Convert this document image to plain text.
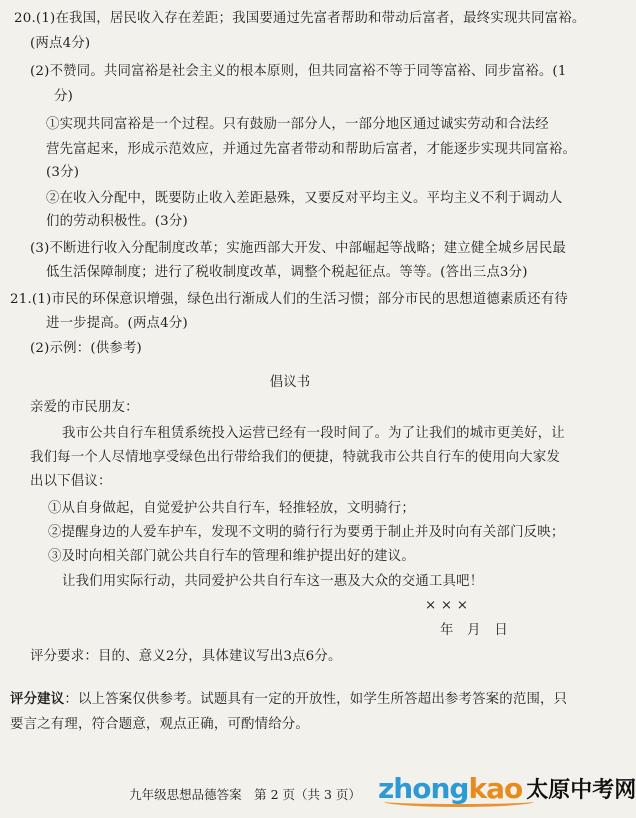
20.(1)在我国，居民收入存在差距；我国要通过先富者帮助和带动后富者，最终实现共同富裕。

(两点4分)

(2)不赞同。共同富裕是社会主义的根本原则，但共同富裕不等于同等富裕、同步富裕。(1

分)

①实现共同富裕是一个过程。只有鼓励一部分人，一部分地区通过诚实劳动和合法经

营先富起来，形成示范效应，并通过先富者带动和帮助后富者，才能逐步实现共同富裕。

(3分)

②在收入分配中，既要防止收入差距悬殊，又要反对平均主义。平均主义不利于调动人

们的劳动积极性。(3分)

(3)不断进行收入分配制度改革；实施西部大开发、中部崛起等战略；建立健全城乡居民最

低生活保障制度；进行了税收制度改革，调整个税起征点。等等。(答出三点3分)

21.(1)市民的环保意识增强，绿色出行渐成人们的生活习惯；部分市民的思想道德素质还有待

进一步提高。(两点4分)

(2)示例：(供参考)

倡议书

亲爱的市民朋友：

我市公共自行车租赁系统投入运营已经有一段时间了。为了让我们的城市更美好，让

我们每一个人尽情地享受绿色出行带给我们的便捷，特就我市公共自行车的使用向大家发

出以下倡议：

①从自身做起，自觉爱护公共自行车，轻推轻放，文明骑行；

②提醒身边的人爱车护车，发现不文明的骑行行为要勇于制止并及时向有关部门反映；

③及时向相关部门就公共自行车的管理和维护提出好的建议。

让我们用实际行动，共同爱护公共自行车这一惠及大众的交通工具吧！

× × ×

年　月　日

评分要求：目的、意义2分，具体建议写出3点6分。

评分建议：以上答案仅供参考。试题具有一定的开放性，如学生所答超出参考答案的范围，只

要言之有理，符合题意，观点正确，可酌情给分。

九年级思想品德答案　第 2 页（共 3 页） zhong kao 太原中考网
